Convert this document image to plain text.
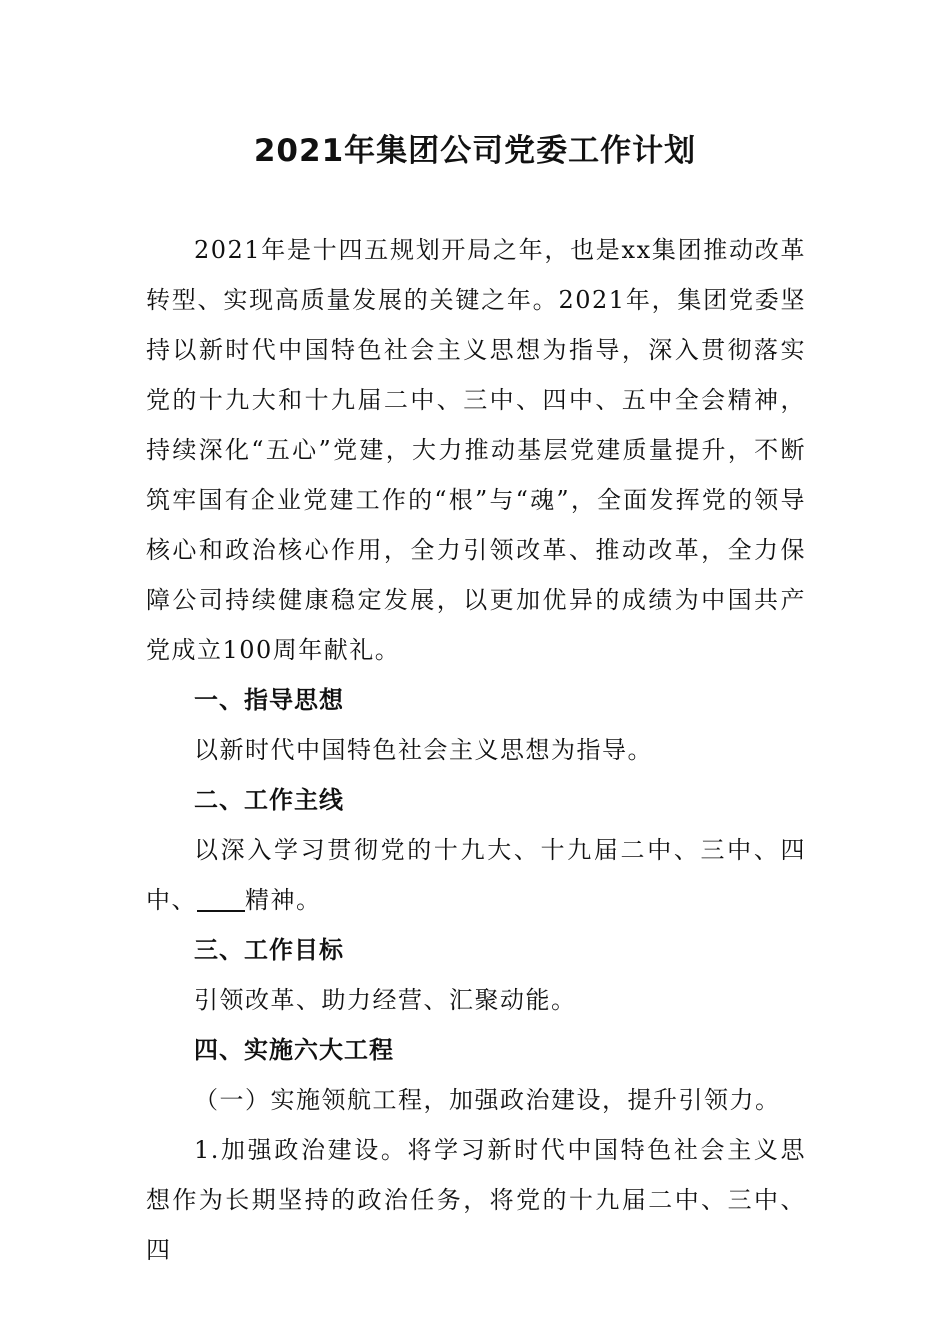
2021年集团公司党委工作计划

2021年是十四五规划开局之年，也是xx集团推动改革转型、实现高质量发展的关键之年。2021年，集团党委坚持以新时代中国特色社会主义思想为指导，深入贯彻落实党的十九大和十九届二中、三中、四中、五中全会精神，持续深化“五心”党建，大力推动基层党建质量提升，不断筑牢国有企业党建工作的“根”与“魂”，全面发挥党的领导核心和政治核心作用，全力引领改革、推动改革，全力保障公司持续健康稳定发展，以更加优异的成绩为中国共产党成立100周年献礼。

一、指导思想

以新时代中国特色社会主义思想为指导。

二、工作主线

以深入学习贯彻党的十九大、十九届二中、三中、四中、 精神。

三、工作目标

引领改革、助力经营、汇聚动能。

四、实施六大工程

（一）实施领航工程，加强政治建设，提升引领力。

1.加强政治建设。将学习新时代中国特色社会主义思想作为长期坚持的政治任务，将党的十九届二中、三中、四
